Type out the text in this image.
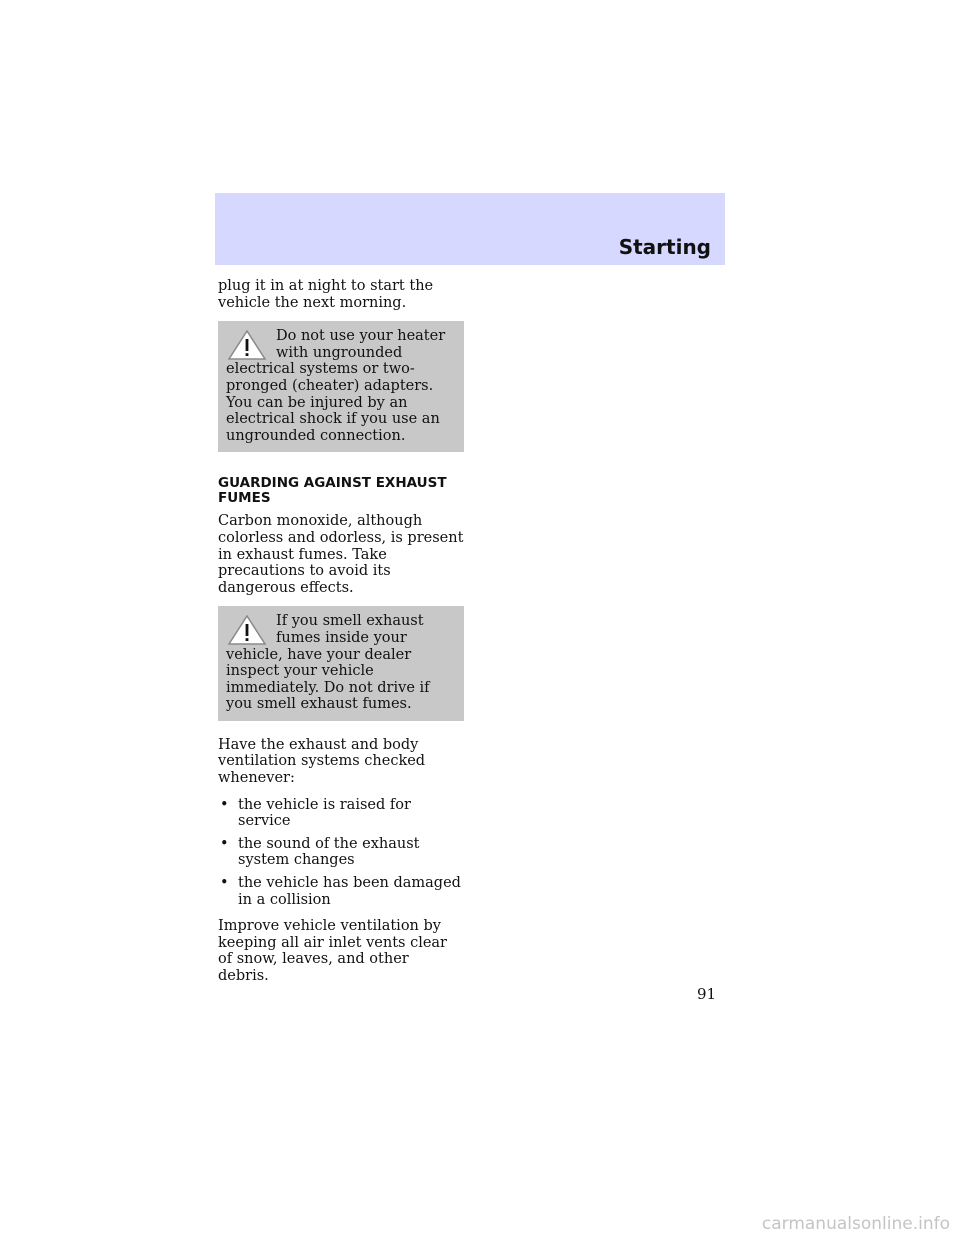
Starting

plug it in at night to start the vehicle the next morning.

Do not use your heater with ungrounded electrical systems or two-pronged (cheater) adapters. You can be injured by an electrical shock if you use an ungrounded connection.
GUARDING AGAINST EXHAUST FUMES

Carbon monoxide, although colorless and odorless, is present in exhaust fumes. Take precautions to avoid its dangerous effects.

If you smell exhaust fumes inside your vehicle, have your dealer inspect your vehicle immediately. Do not drive if you smell exhaust fumes.

Have the exhaust and body ventilation systems checked whenever:

• the vehicle is raised for service
• the sound of the exhaust system changes
• the vehicle has been damaged in a collision

Improve vehicle ventilation by keeping all air inlet vents clear of snow, leaves, and other debris.

91

carmanualsonline.info
